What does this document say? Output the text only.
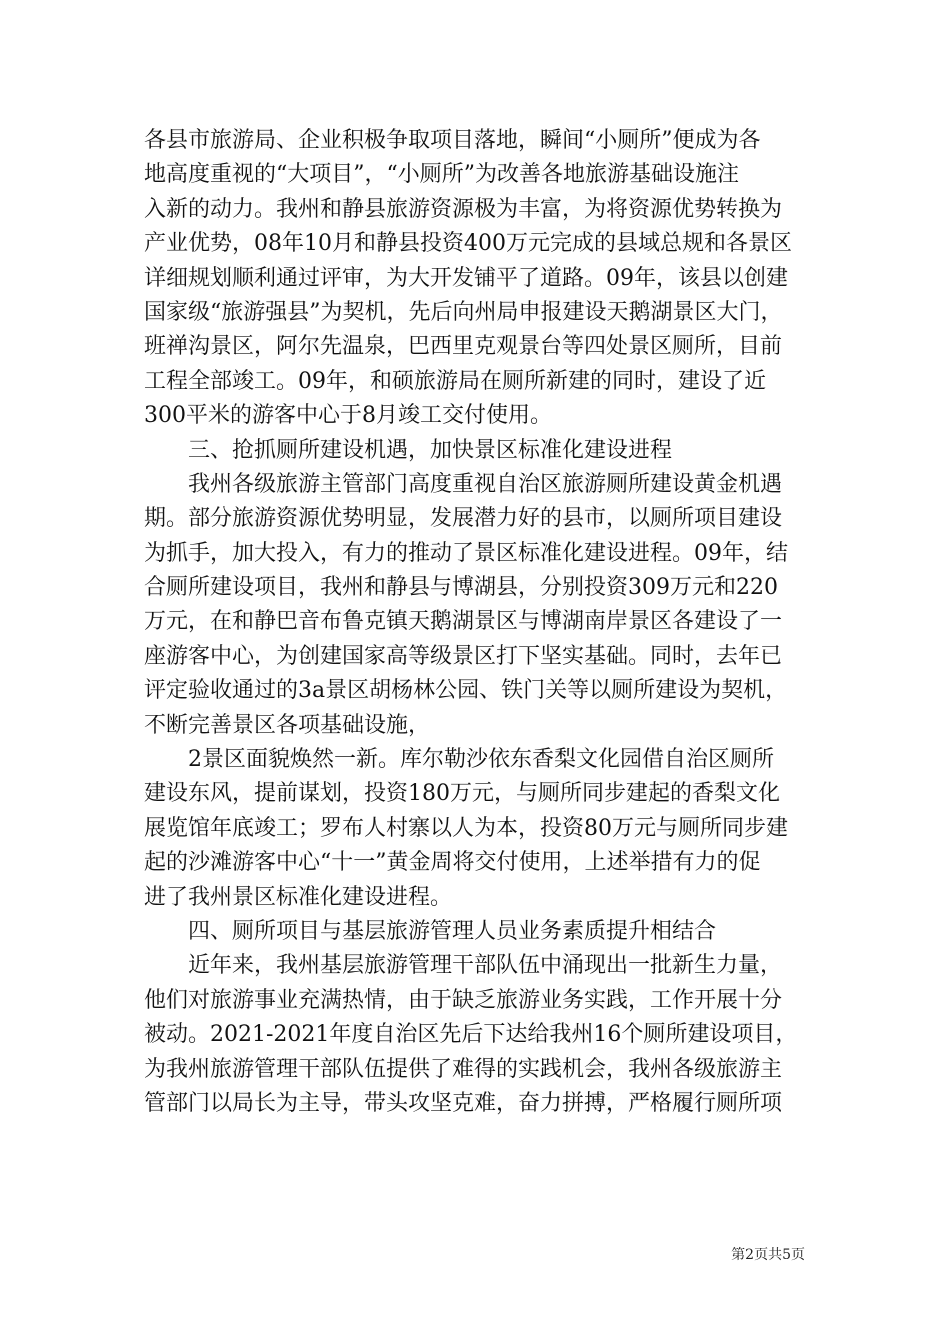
各县市旅游局、企业积极争取项目落地，瞬间“小厕所”便成为各

地高度重视的“大项目”，“小厕所”为改善各地旅游基础设施注

入新的动力。我州和静县旅游资源极为丰富，为将资源优势转换为

产业优势，08年10月和静县投资400万元完成的县域总规和各景区

详细规划顺利通过评审，为大开发铺平了道路。09年，该县以创建

国家级“旅游强县”为契机，先后向州局申报建设天鹅湖景区大门，

班禅沟景区，阿尔先温泉，巴西里克观景台等四处景区厕所，目前

工程全部竣工。09年，和硕旅游局在厕所新建的同时，建设了近

300平米的游客中心于8月竣工交付使用。

三、抢抓厕所建设机遇，加快景区标准化建设进程

我州各级旅游主管部门高度重视自治区旅游厕所建设黄金机遇

期。部分旅游资源优势明显，发展潜力好的县市，以厕所项目建设

为抓手，加大投入，有力的推动了景区标准化建设进程。09年，结

合厕所建设项目，我州和静县与博湖县，分别投资309万元和220

万元，在和静巴音布鲁克镇天鹅湖景区与博湖南岸景区各建设了一

座游客中心，为创建国家高等级景区打下坚实基础。同时，去年已

评定验收通过的3a景区胡杨林公园、铁门关等以厕所建设为契机，

不断完善景区各项基础设施，

2景区面貌焕然一新。库尔勒沙依东香梨文化园借自治区厕所

建设东风，提前谋划，投资180万元，与厕所同步建起的香梨文化

展览馆年底竣工；罗布人村寨以人为本，投资80万元与厕所同步建

起的沙滩游客中心“十一”黄金周将交付使用，上述举措有力的促

进了我州景区标准化建设进程。

四、厕所项目与基层旅游管理人员业务素质提升相结合

近年来，我州基层旅游管理干部队伍中涌现出一批新生力量，

他们对旅游事业充满热情，由于缺乏旅游业务实践，工作开展十分

被动。2021-2021年度自治区先后下达给我州16个厕所建设项目，

为我州旅游管理干部队伍提供了难得的实践机会，我州各级旅游主

管部门以局长为主导，带头攻坚克难，奋力拼搏，严格履行厕所项

第2页共5页
